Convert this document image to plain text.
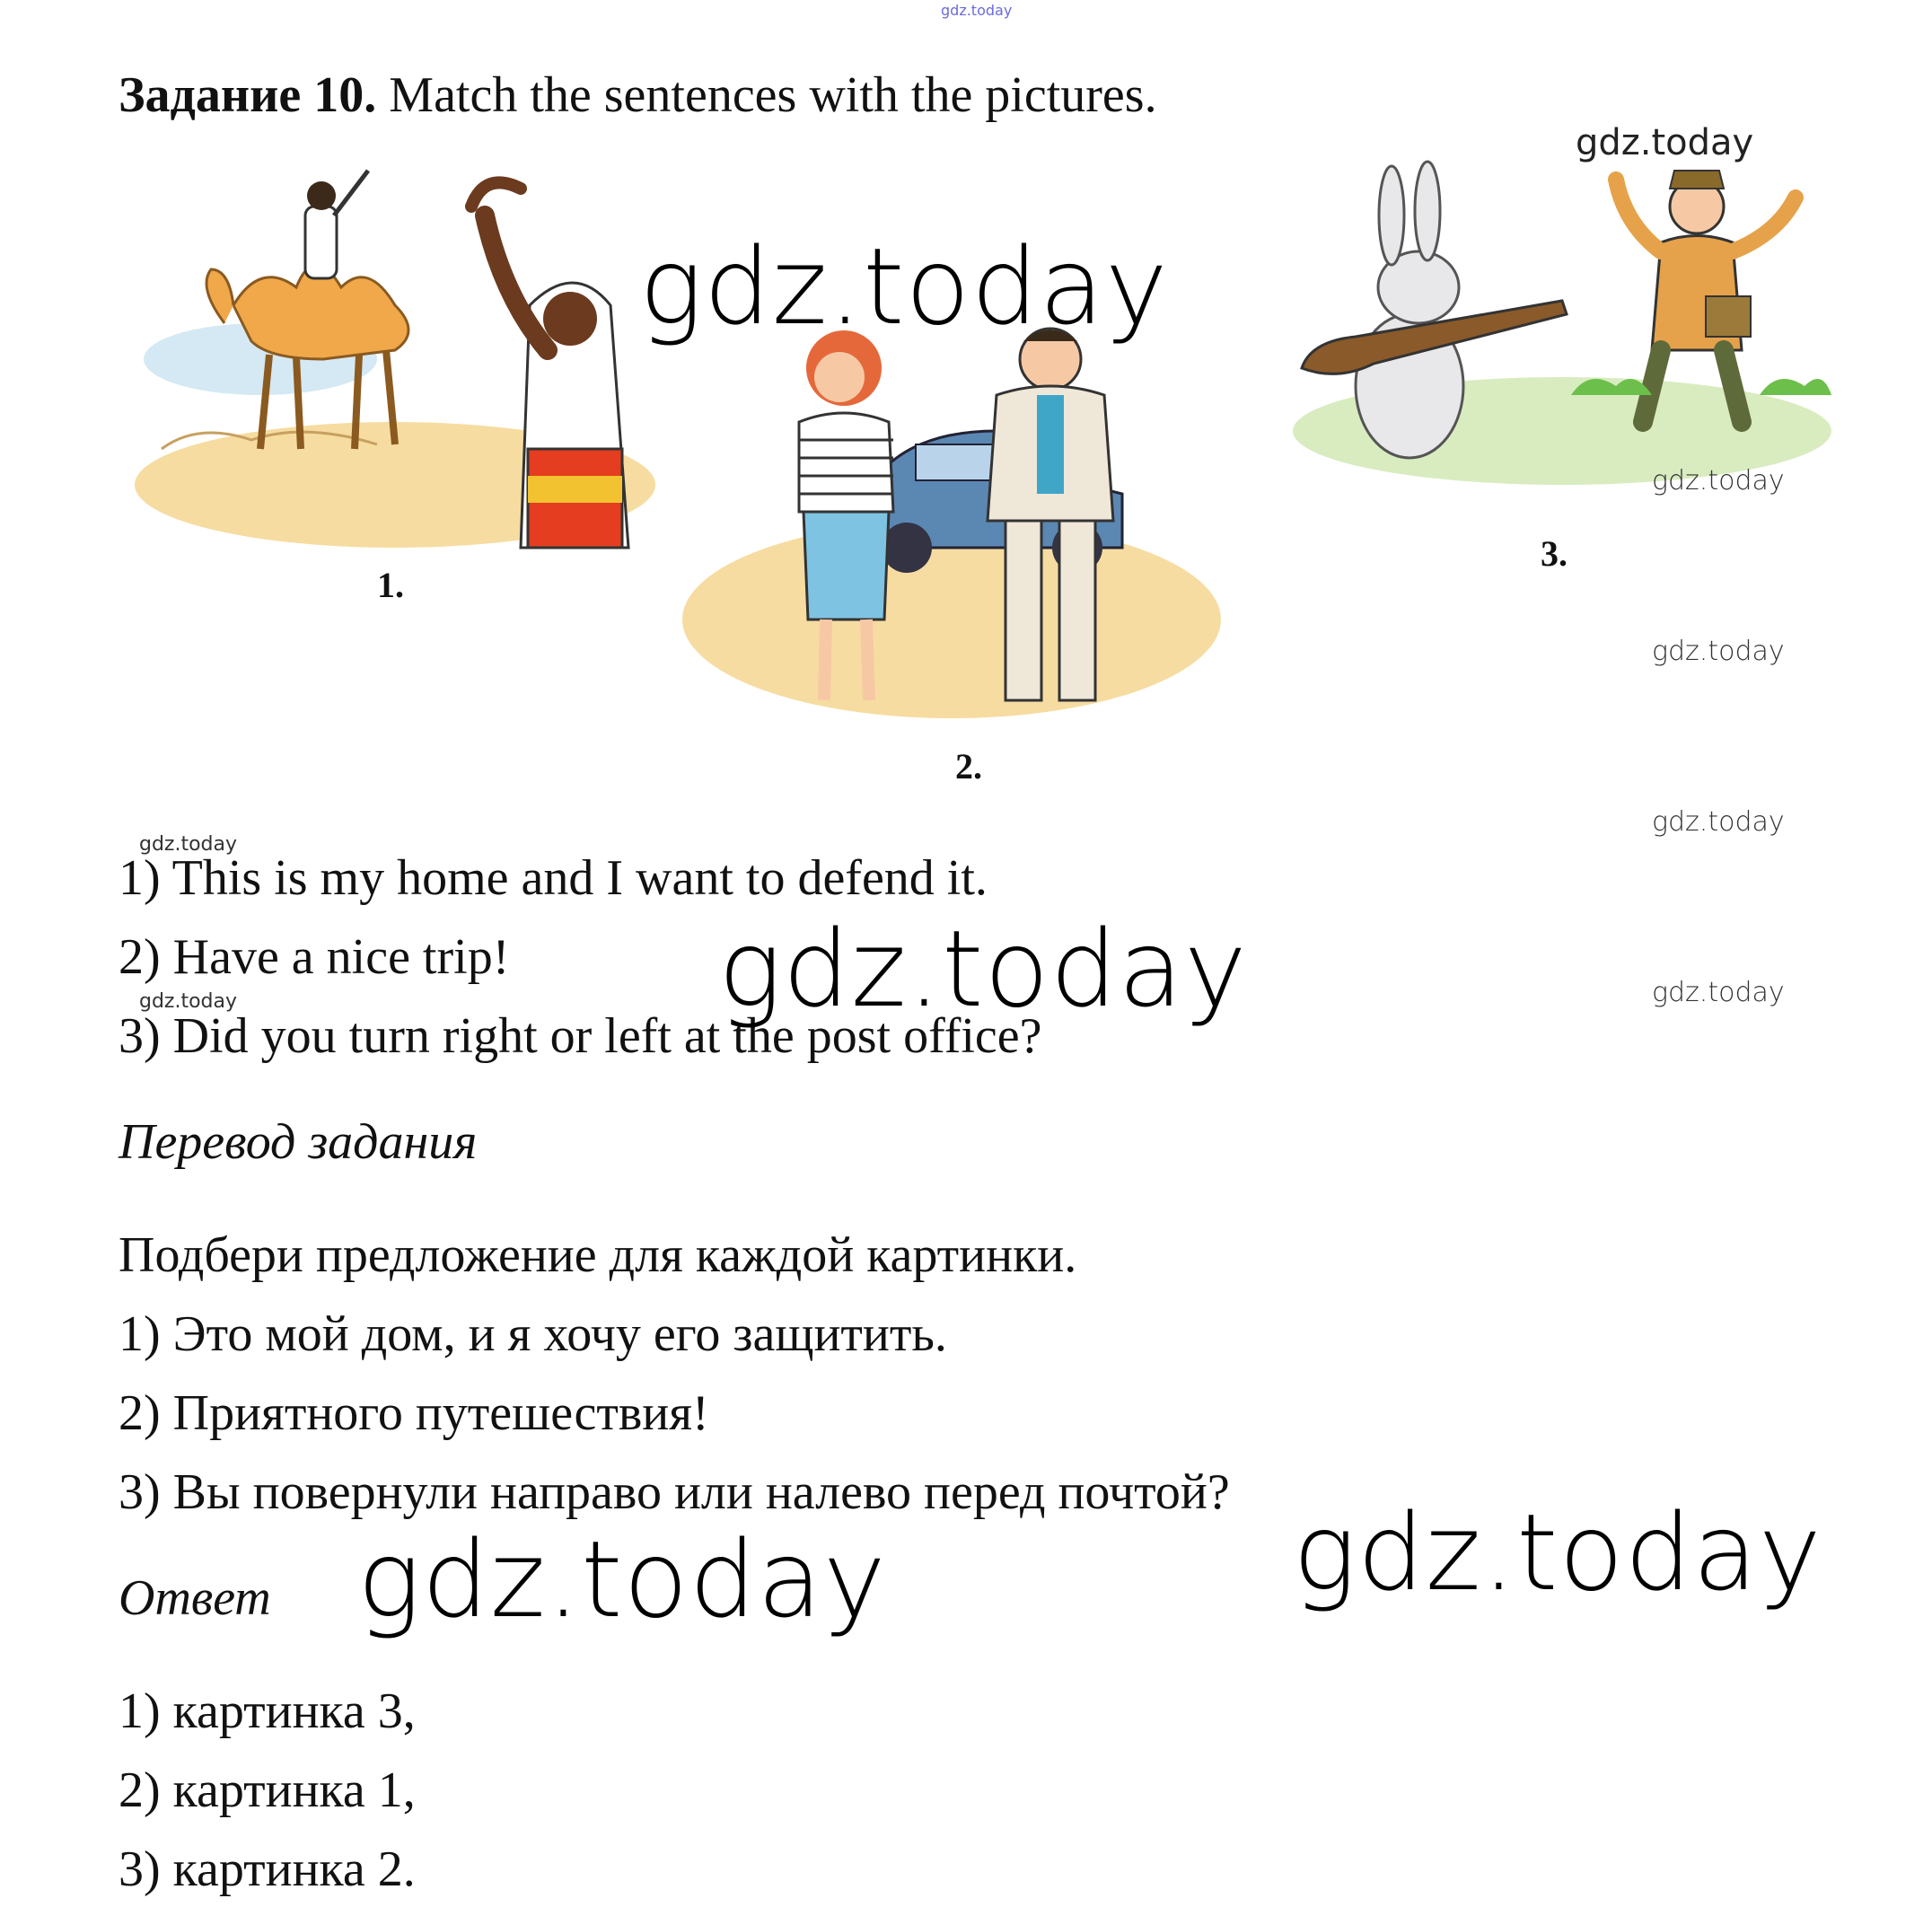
gdz.today
Задание 10. Match the sentences with the pictures.
1.
2.
3.
1) This is my home and I want to defend it.
2) Have a nice trip!
3) Did you turn right or left at the post office?
Перевод задания
Подбери предложение для каждой картинки.
1) Это мой дом, и я хочу его защитить.
2) Приятного путешествия!
3) Вы повернули направо или налево перед почтой?
Ответ
1) картинка 3,
2) картинка 1,
3) картинка 2.
gdz.today
gdz.today
gdz.today
gdz.today
gdz.today
gdz.today
gdz.today
gdz.today	gdz.today
gdz.today
gdz.today
